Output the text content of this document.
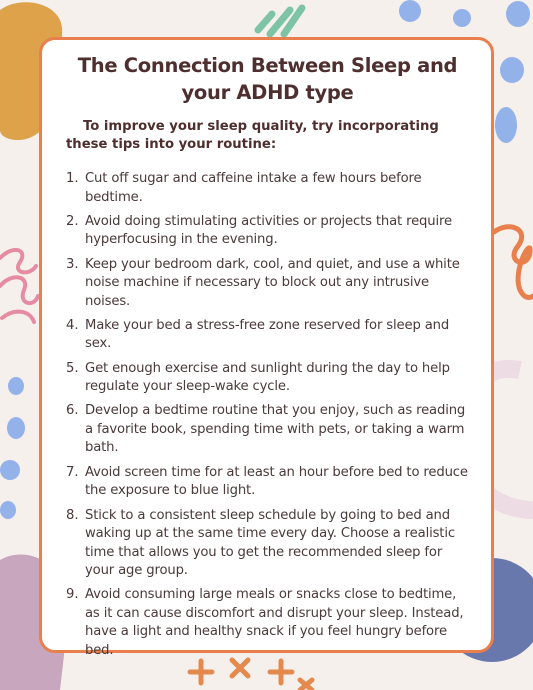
The Connection Between Sleep and your ADHD type

To improve your sleep quality, try incorporating these tips into your routine:

1. Cut off sugar and caffeine intake a few hours before bedtime.
2. Avoid doing stimulating activities or projects that require hyperfocusing in the evening.
3. Keep your bedroom dark, cool, and quiet, and use a white noise machine if necessary to block out any intrusive noises.
4. Make your bed a stress-free zone reserved for sleep and sex.
5. Get enough exercise and sunlight during the day to help regulate your sleep-wake cycle.
6. Develop a bedtime routine that you enjoy, such as reading a favorite book, spending time with pets, or taking a warm bath.
7. Avoid screen time for at least an hour before bed to reduce the exposure to blue light.
8. Stick to a consistent sleep schedule by going to bed and waking up at the same time every day. Choose a realistic time that allows you to get the recommended sleep for your age group.
9. Avoid consuming large meals or snacks close to bedtime, as it can cause discomfort and disrupt your sleep. Instead, have a light and healthy snack if you feel hungry before bed.
